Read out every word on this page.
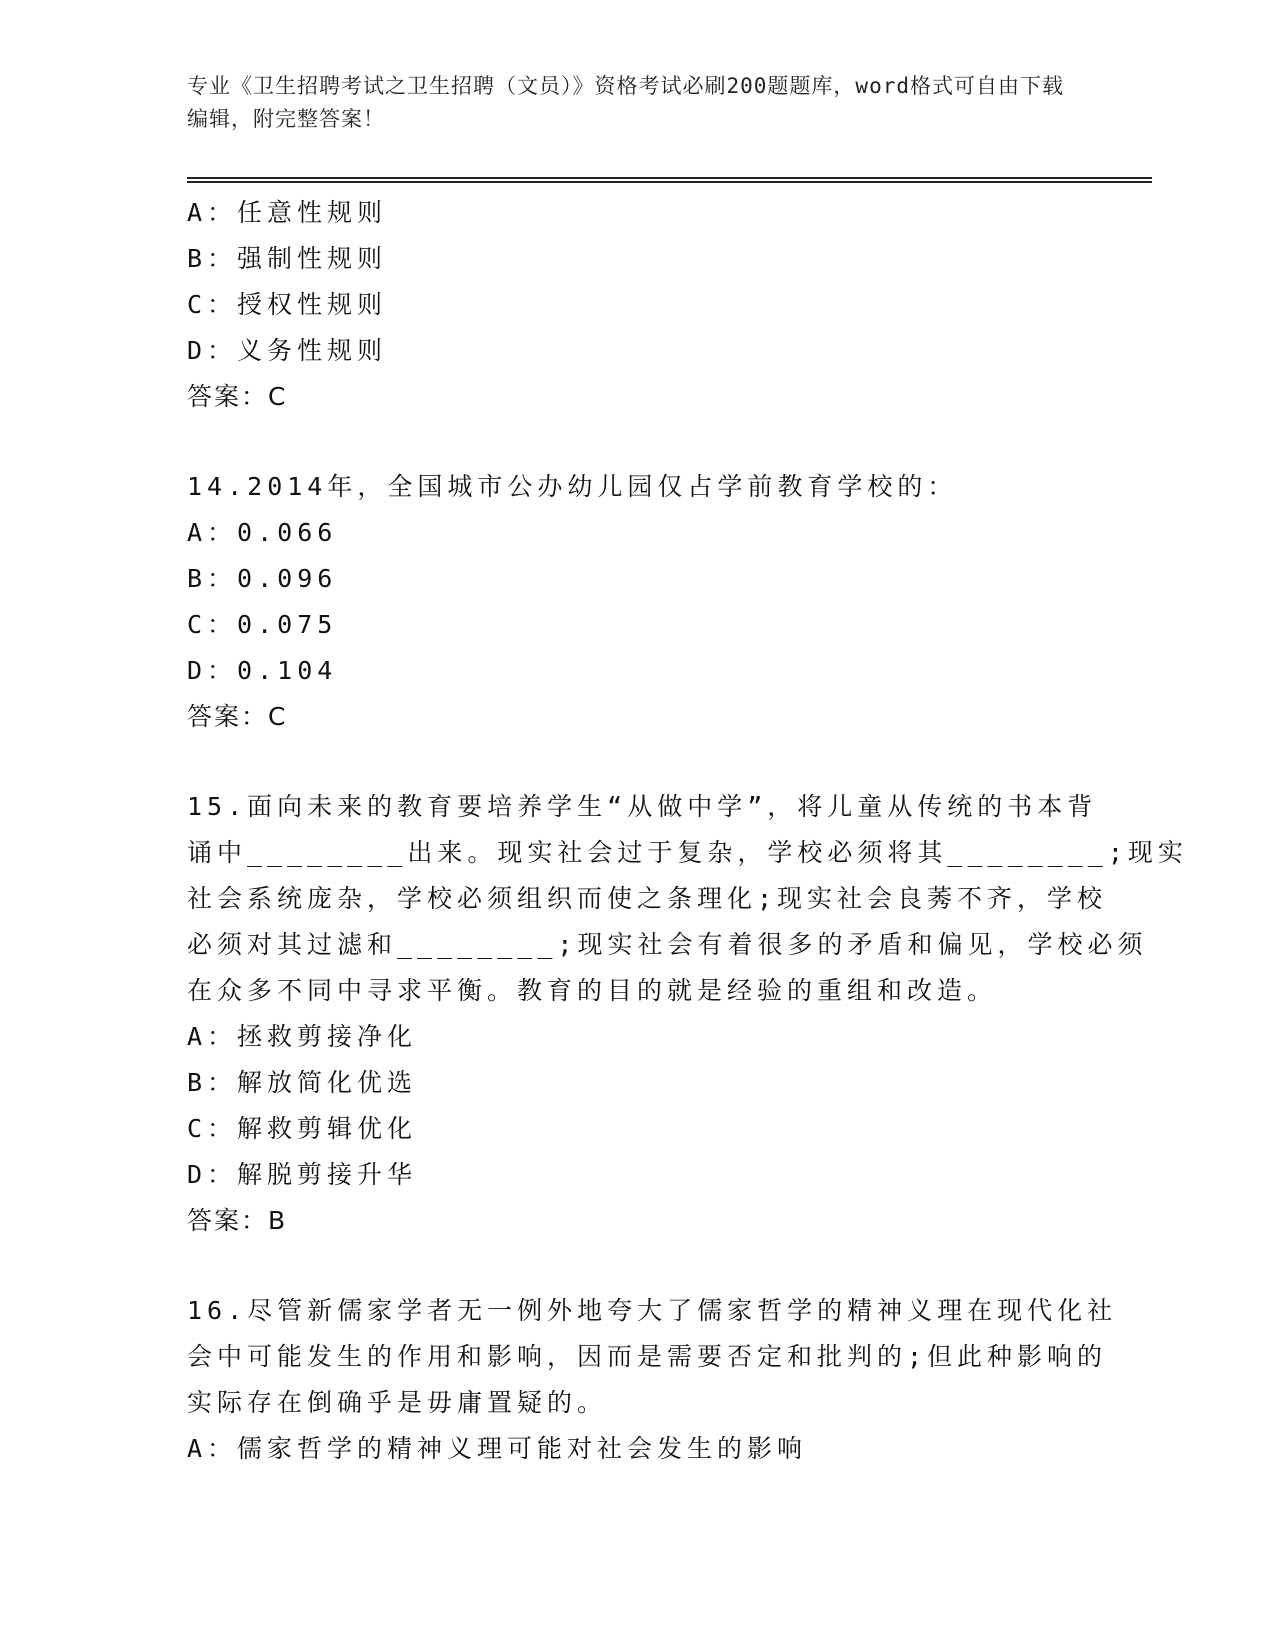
专业《卫生招聘考试之卫生招聘（文员）》资格考试必刷200题题库，word格式可自由下载编辑，附完整答案！
A：任意性规则
B：强制性规则
C：授权性规则
D：义务性规则
答案：C
14.2014年，全国城市公办幼儿园仅占学前教育学校的：
A：0.066
B：0.096
C：0.075
D：0.104
答案：C
15.面向未来的教育要培养学生“从做中学”，将儿童从传统的书本背
诵中________出来。现实社会过于复杂，学校必须将其________;现实
社会系统庞杂，学校必须组织而使之条理化;现实社会良莠不齐，学校
必须对其过滤和________;现实社会有着很多的矛盾和偏见，学校必须
在众多不同中寻求平衡。教育的目的就是经验的重组和改造。
A：拯救剪接净化
B：解放简化优选
C：解救剪辑优化
D：解脱剪接升华
答案：B
16.尽管新儒家学者无一例外地夸大了儒家哲学的精神义理在现代化社
会中可能发生的作用和影响，因而是需要否定和批判的;但此种影响的
实际存在倒确乎是毋庸置疑的。
A：儒家哲学的精神义理可能对社会发生的影响
